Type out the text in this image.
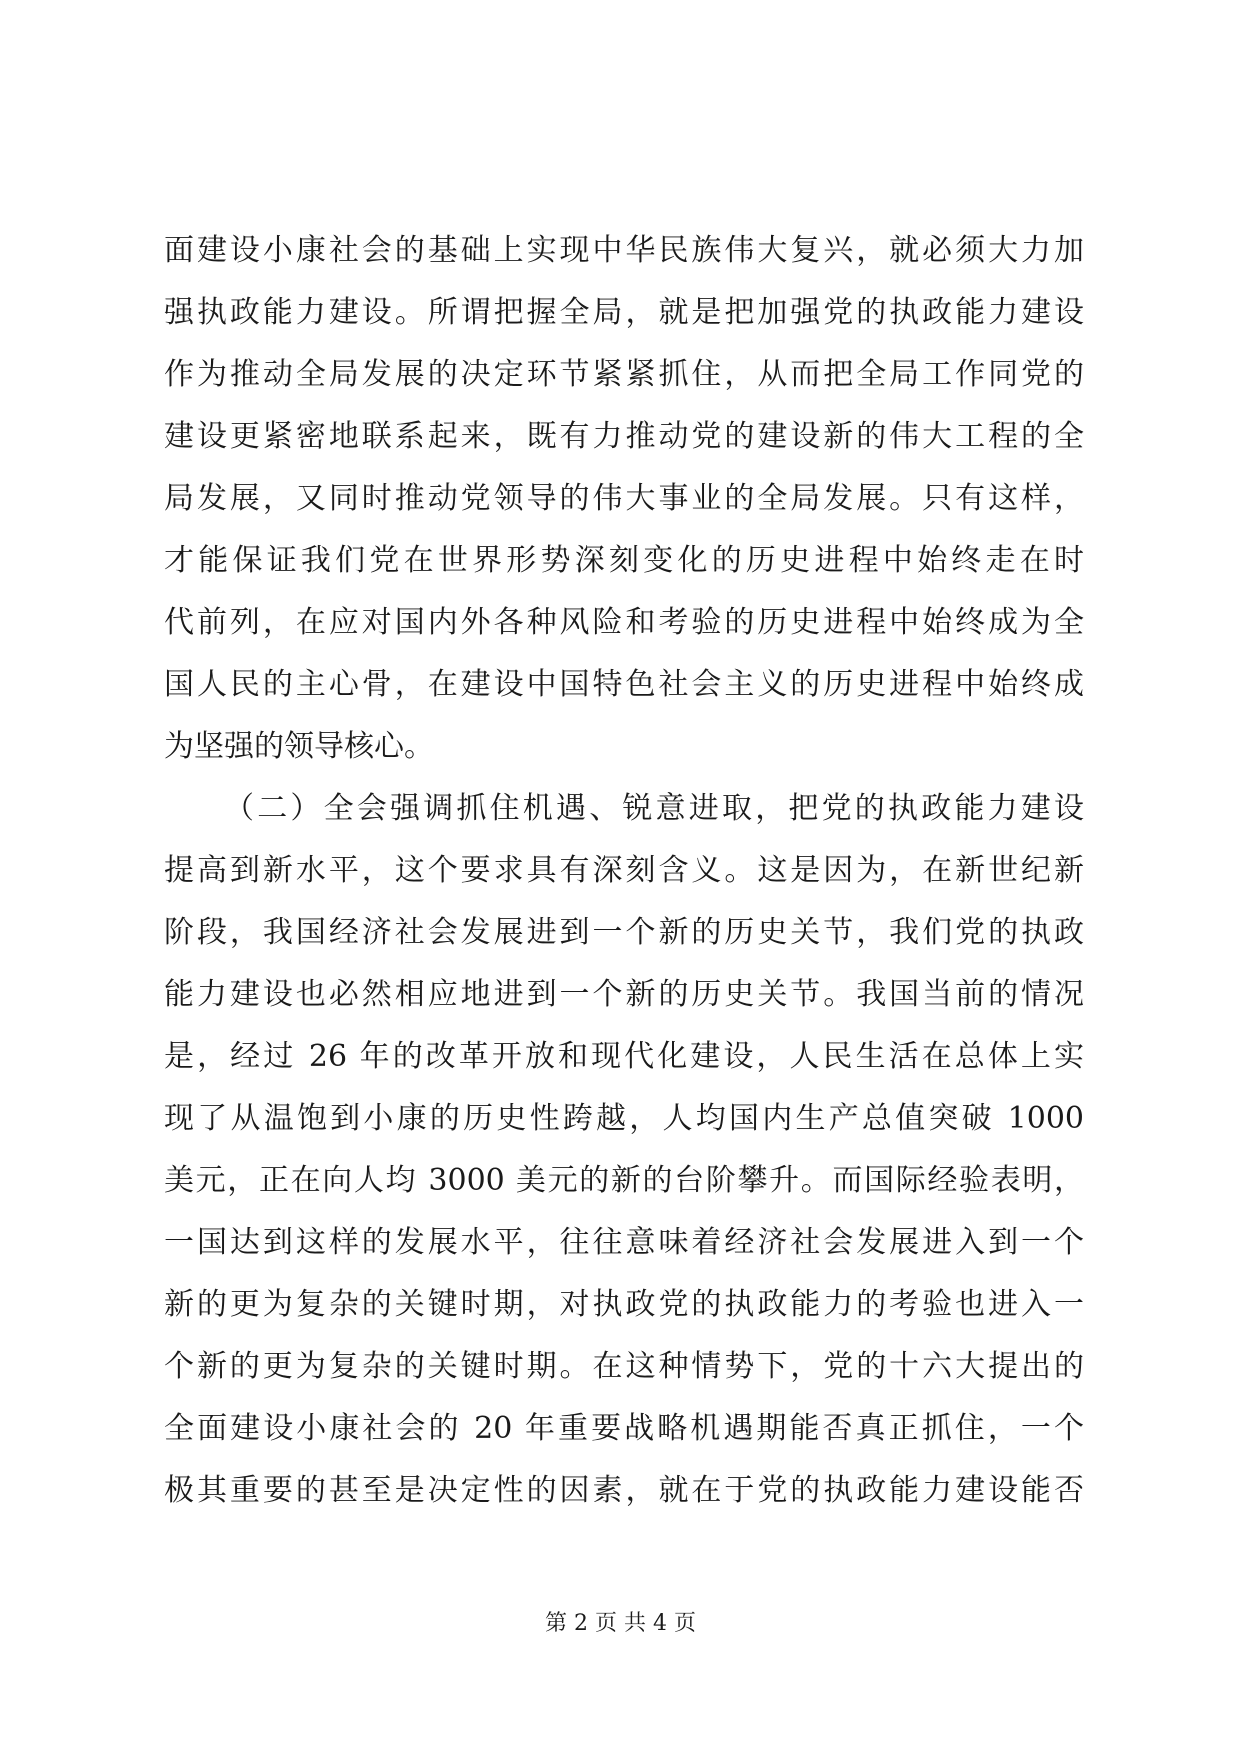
面建设小康社会的基础上实现中华民族伟大复兴，就必须大力加
强执政能力建设。所谓把握全局，就是把加强党的执政能力建设
作为推动全局发展的决定环节紧紧抓住，从而把全局工作同党的
建设更紧密地联系起来，既有力推动党的建设新的伟大工程的全
局发展，又同时推动党领导的伟大事业的全局发展。只有这样，
才能保证我们党在世界形势深刻变化的历史进程中始终走在时
代前列，在应对国内外各种风险和考验的历史进程中始终成为全
国人民的主心骨，在建设中国特色社会主义的历史进程中始终成
为坚强的领导核心。
（二）全会强调抓住机遇、锐意进取，把党的执政能力建设
提高到新水平，这个要求具有深刻含义。这是因为，在新世纪新
阶段，我国经济社会发展进到一个新的历史关节，我们党的执政
能力建设也必然相应地进到一个新的历史关节。我国当前的情况
是，经过 26 年的改革开放和现代化建设，人民生活在总体上实
现了从温饱到小康的历史性跨越，人均国内生产总值突破 1000
美元，正在向人均 3000 美元的新的台阶攀升。而国际经验表明，
一国达到这样的发展水平，往往意味着经济社会发展进入到一个
新的更为复杂的关键时期，对执政党的执政能力的考验也进入一
个新的更为复杂的关键时期。在这种情势下，党的十六大提出的
全面建设小康社会的 20 年重要战略机遇期能否真正抓住，一个
极其重要的甚至是决定性的因素，就在于党的执政能力建设能否
第 2 页 共 4 页
